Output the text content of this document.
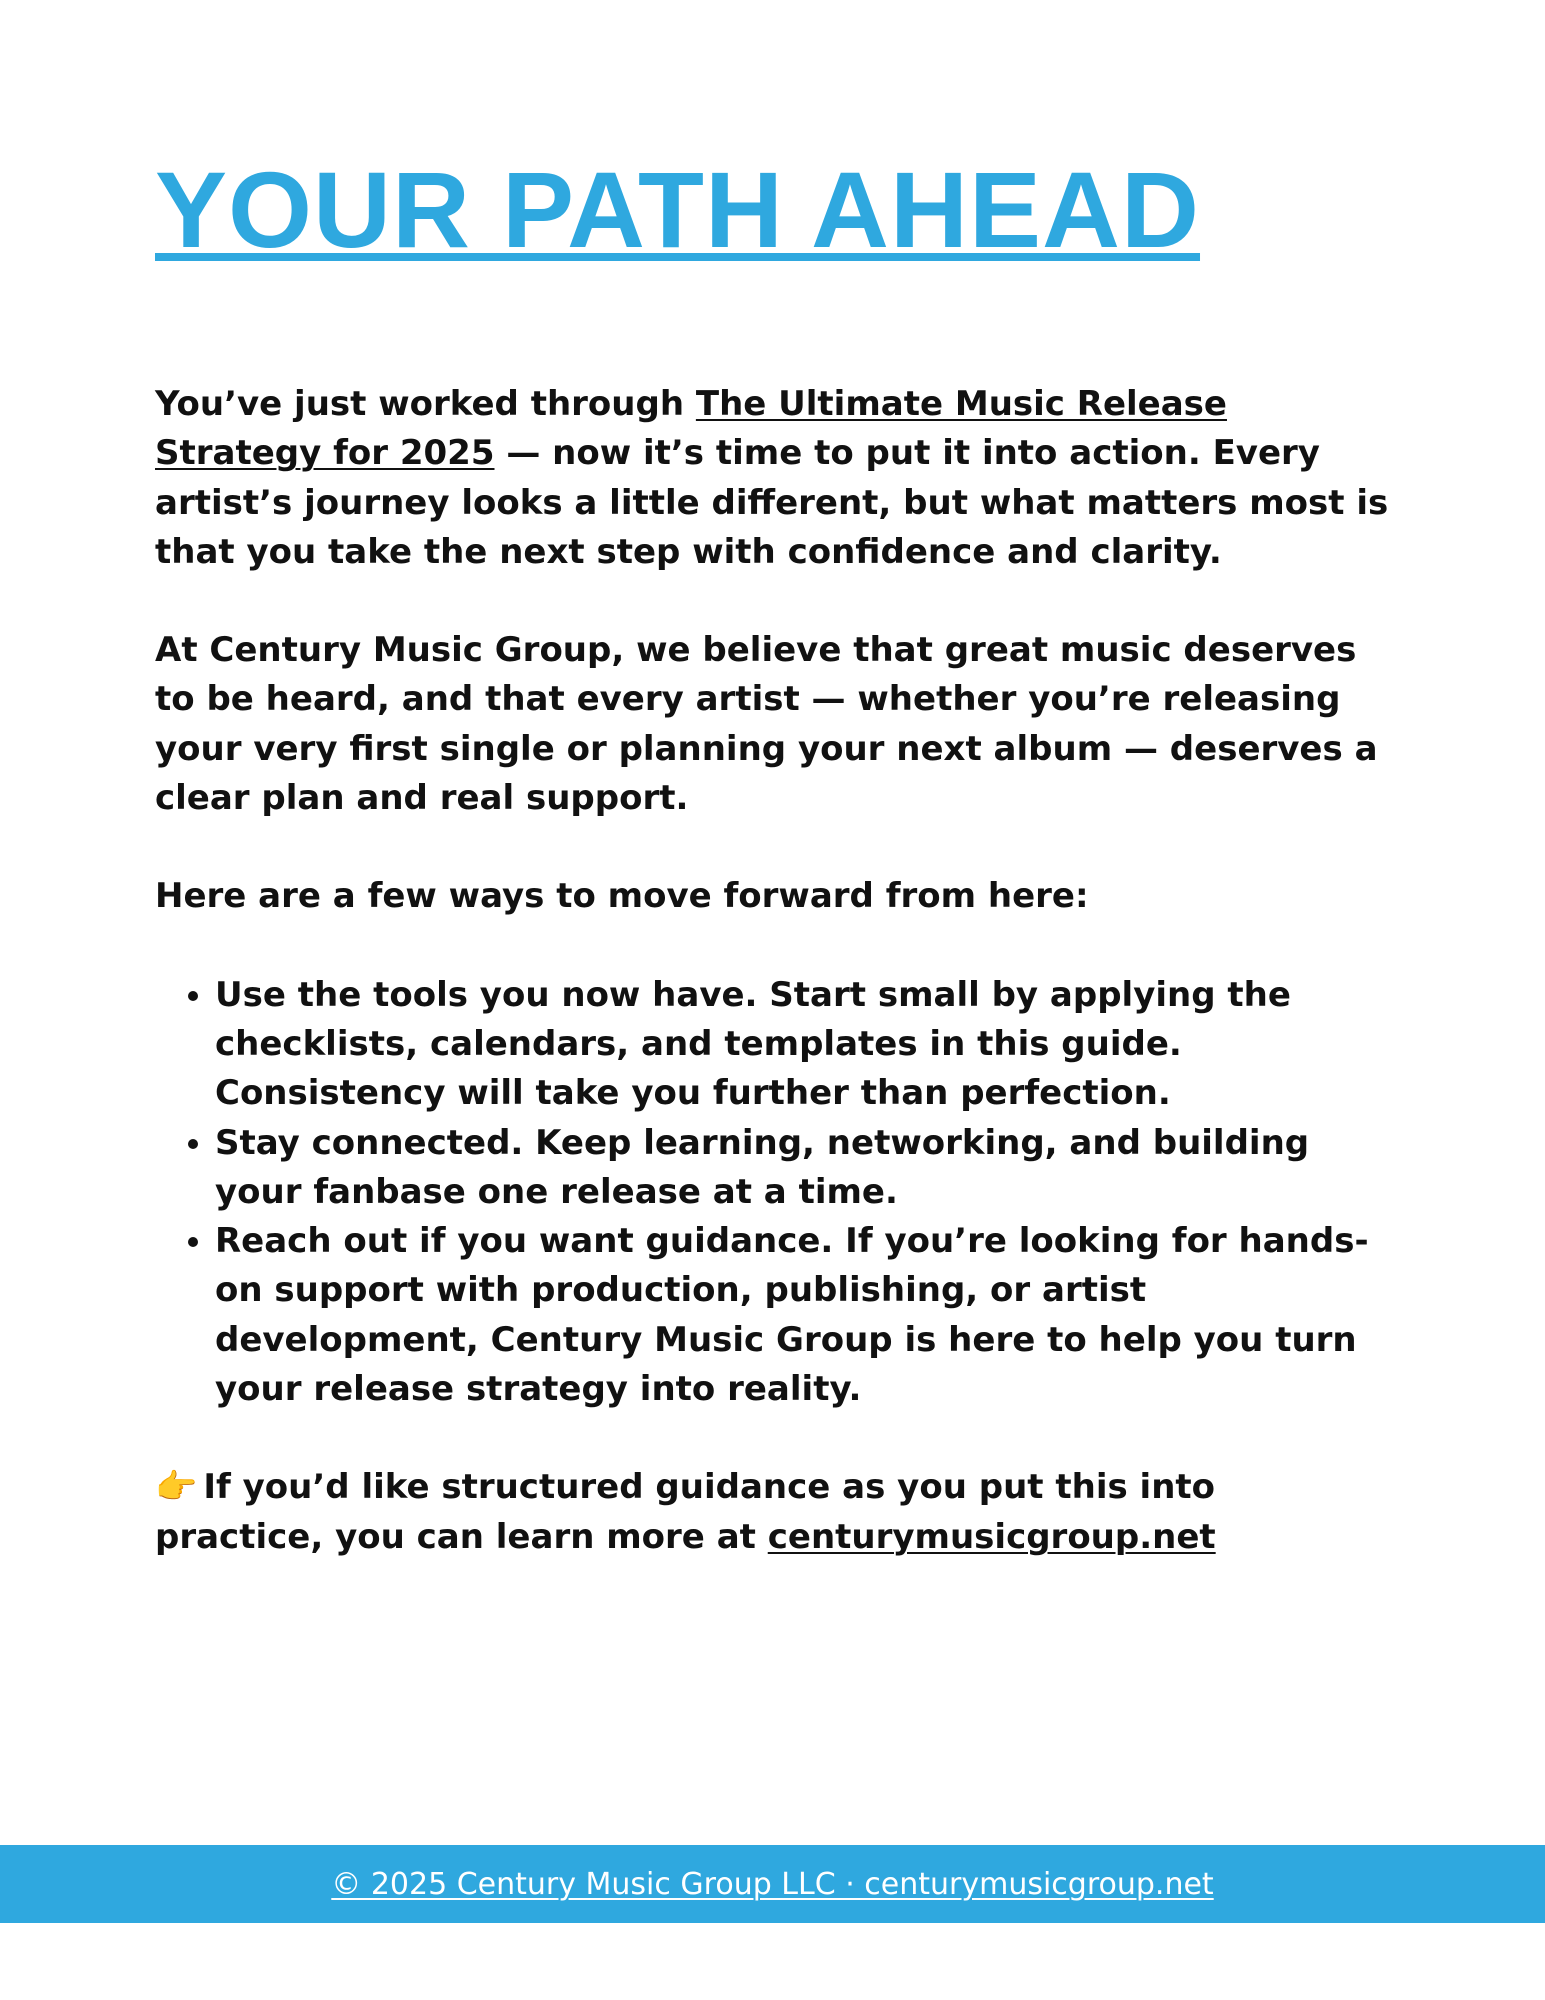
YOUR PATH AHEAD

You’ve just worked through The Ultimate Music Release Strategy for 2025 — now it’s time to put it into action. Every artist’s journey looks a little different, but what matters most is that you take the next step with confidence and clarity.

At Century Music Group, we believe that great music deserves to be heard, and that every artist — whether you’re releasing your very first single or planning your next album — deserves a clear plan and real support.

Here are a few ways to move forward from here:

• Use the tools you now have. Start small by applying the checklists, calendars, and templates in this guide. Consistency will take you further than perfection.
• Stay connected. Keep learning, networking, and building your fanbase one release at a time.
• Reach out if you want guidance. If you’re looking for hands-on support with production, publishing, or artist development, Century Music Group is here to help you turn your release strategy into reality.

👉 If you’d like structured guidance as you put this into practice, you can learn more at centurymusicgroup.net

© 2025 Century Music Group LLC · centurymusicgroup.net
